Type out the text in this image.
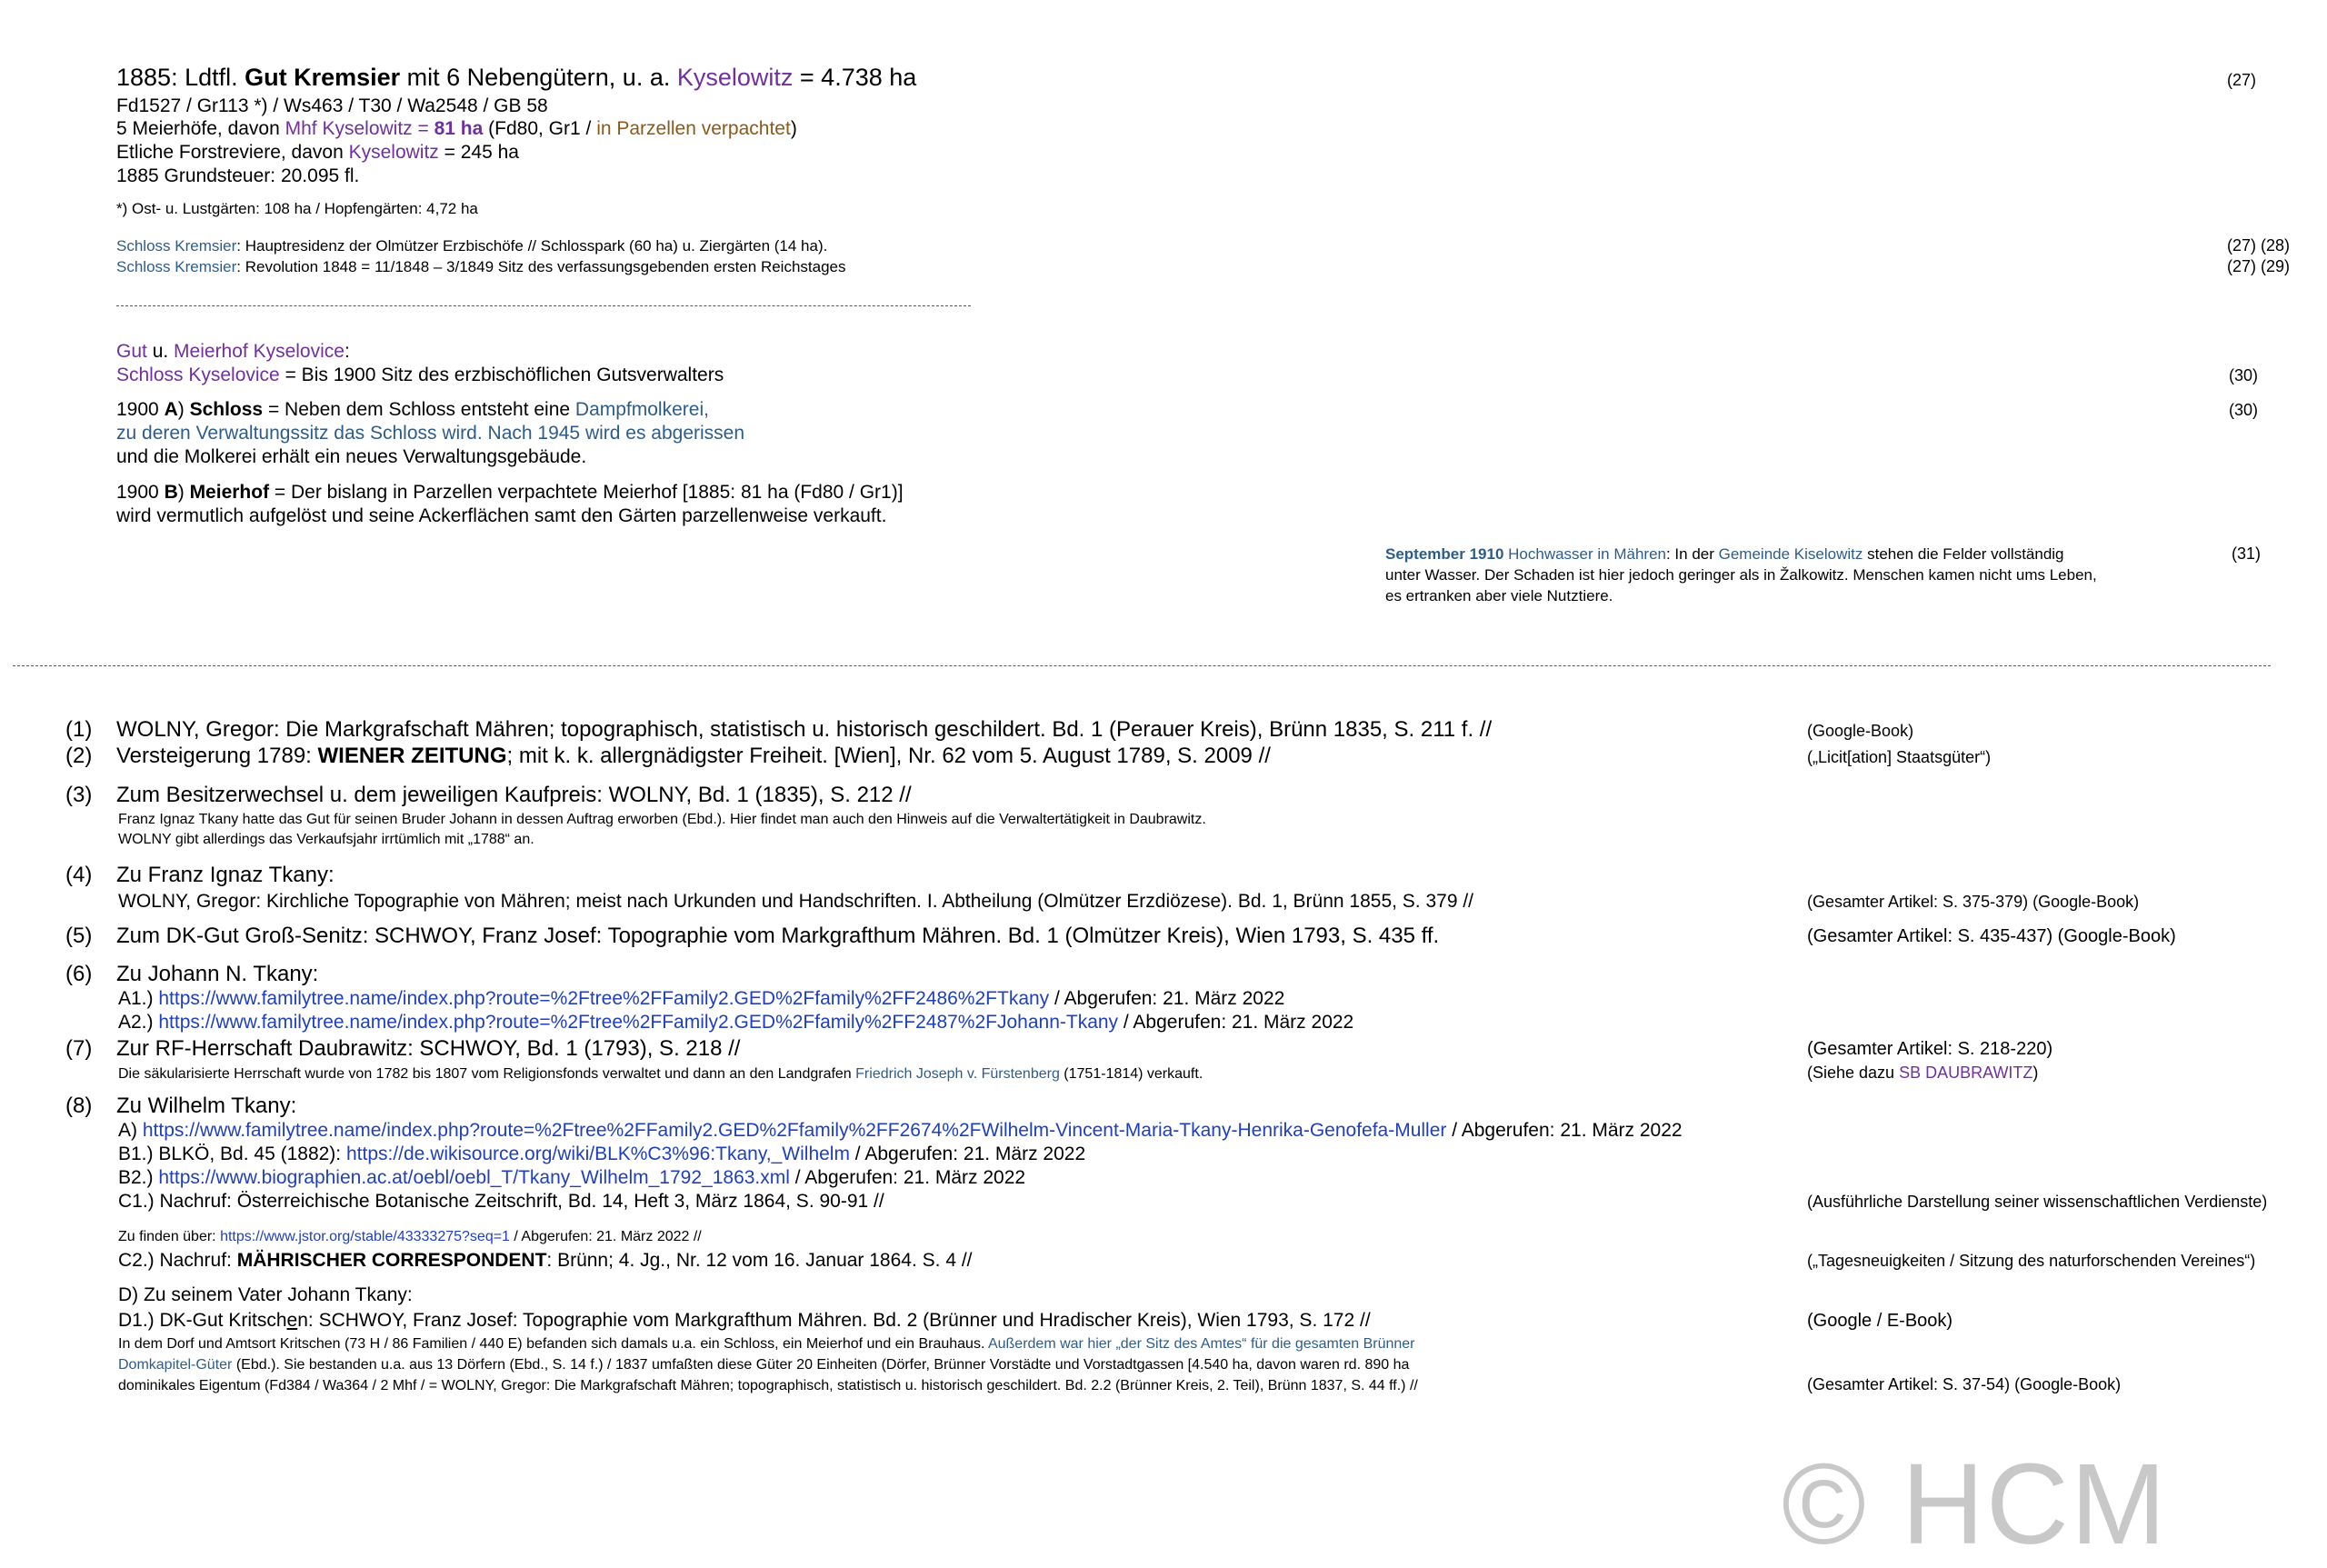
1885: Ldtfl. Gut Kremsier mit 6 Nebengütern, u. a. Kyselowitz = 4.738 ha	(27)
Fd1527 / Gr113 *) / Ws463 / T30 / Wa2548 / GB 58
5 Meierhöfe, davon Mhf Kyselowitz = 81 ha (Fd80, Gr1 / in Parzellen verpachtet)
Etliche Forstreviere, davon Kyselowitz = 245 ha
1885 Grundsteuer: 20.095 fl.
*) Ost- u. Lustgärten: 108 ha / Hopfengärten: 4,72 ha
Schloss Kremsier: Hauptresidenz der Olmützer Erzbischöfe // Schlosspark (60 ha) u. Ziergärten (14 ha).	(27) (28)
Schloss Kremsier: Revolution 1848 = 11/1848 – 3/1849 Sitz des verfassungsgebenden ersten Reichstages	(27) (29)
Gut u. Meierhof Kyselovice:
Schloss Kyselovice = Bis 1900 Sitz des erzbischöflichen Gutsverwalters	(30)
1900 A) Schloss = Neben dem Schloss entsteht eine Dampfmolkerei,	(30)
zu deren Verwaltungssitz das Schloss wird. Nach 1945 wird es abgerissen
und die Molkerei erhält ein neues Verwaltungsgebäude.
1900 B) Meierhof = Der bislang in Parzellen verpachtete Meierhof [1885: 81 ha (Fd80 / Gr1)]
wird vermutlich aufgelöst und seine Ackerflächen samt den Gärten parzellenweise verkauft.
September 1910 Hochwasser in Mähren: In der Gemeinde Kiselowitz stehen die Felder vollständig	(31)
unter Wasser. Der Schaden ist hier jedoch geringer als in Žalkowitz. Menschen kamen nicht ums Leben,
es ertranken aber viele Nutztiere.
(1) WOLNY, Gregor: Die Markgrafschaft Mähren; topographisch, statistisch u. historisch geschildert. Bd. 1 (Perauer Kreis), Brünn 1835, S. 211 f. //	(Google-Book)
(2) Versteigerung 1789: WIENER ZEITUNG; mit k. k. allergnädigster Freiheit. [Wien], Nr. 62 vom 5. August 1789, S. 2009 //	(„Licit[ation] Staatsgüter“)
(3) Zum Besitzerwechsel u. dem jeweiligen Kaufpreis: WOLNY, Bd. 1 (1835), S. 212 //
Franz Ignaz Tkany hatte das Gut für seinen Bruder Johann in dessen Auftrag erworben (Ebd.). Hier findet man auch den Hinweis auf die Verwaltertätigkeit in Daubrawitz.
WOLNY gibt allerdings das Verkaufsjahr irrtümlich mit „1788“ an.
(4) Zu Franz Ignaz Tkany:
WOLNY, Gregor: Kirchliche Topographie von Mähren; meist nach Urkunden und Handschriften. I. Abtheilung (Olmützer Erzdiözese). Bd. 1, Brünn 1855, S. 379 //	(Gesamter Artikel: S. 375-379) (Google-Book)
(5) Zum DK-Gut Groß-Senitz: SCHWOY, Franz Josef: Topographie vom Markgrafthum Mähren. Bd. 1 (Olmützer Kreis), Wien 1793, S. 435 ff.	(Gesamter Artikel: S. 435-437) (Google-Book)
(6) Zu Johann N. Tkany:
A1.) https://www.familytree.name/index.php?route=%2Ftree%2FFamily2.GED%2Ffamily%2FF2486%2FTkany / Abgerufen: 21. März 2022
A2.) https://www.familytree.name/index.php?route=%2Ftree%2FFamily2.GED%2Ffamily%2FF2487%2FJohann-Tkany / Abgerufen: 21. März 2022
(7) Zur RF-Herrschaft Daubrawitz: SCHWOY, Bd. 1 (1793), S. 218 //	(Gesamter Artikel: S. 218-220)
Die säkularisierte Herrschaft wurde von 1782 bis 1807 vom Religionsfonds verwaltet und dann an den Landgrafen Friedrich Joseph v. Fürstenberg (1751-1814) verkauft.	(Siehe dazu SB DAUBRAWITZ)
(8) Zu Wilhelm Tkany:
A) https://www.familytree.name/index.php?route=%2Ftree%2FFamily2.GED%2Ffamily%2FF2674%2FWilhelm-Vincent-Maria-Tkany-Henrika-Genofefa-Muller / Abgerufen: 21. März 2022
B1.) BLKÖ, Bd. 45 (1882): https://de.wikisource.org/wiki/BLK%C3%96:Tkany,_Wilhelm / Abgerufen: 21. März 2022
B2.) https://www.biographien.ac.at/oebl/oebl_T/Tkany_Wilhelm_1792_1863.xml / Abgerufen: 21. März 2022
C1.) Nachruf: Österreichische Botanische Zeitschrift, Bd. 14, Heft 3, März 1864, S. 90-91 //	(Ausführliche Darstellung seiner wissenschaftlichen Verdienste)
Zu finden über: https://www.jstor.org/stable/43333275?seq=1 / Abgerufen: 21. März 2022 //
C2.) Nachruf: MÄHRISCHER CORRESPONDENT: Brünn; 4. Jg., Nr. 12 vom 16. Januar 1864. S. 4 //	(„Tagesneuigkeiten / Sitzung des naturforschenden Vereines“)
D) Zu seinem Vater Johann Tkany:
D1.) DK-Gut Kritschen: SCHWOY, Franz Josef: Topographie vom Markgrafthum Mähren. Bd. 2 (Brünner und Hradischer Kreis), Wien 1793, S. 172 //	(Google / E-Book)
In dem Dorf und Amtsort Kritschen (73 H / 86 Familien / 440 E) befanden sich damals u.a. ein Schloss, ein Meierhof und ein Brauhaus. Außerdem war hier „der Sitz des Amtes“ für die gesamten Brünner
Domkapitel-Güter (Ebd.). Sie bestanden u.a. aus 13 Dörfern (Ebd., S. 14 f.) / 1837 umfaßten diese Güter 20 Einheiten (Dörfer, Brünner Vorstädte und Vorstadtgassen [4.540 ha, davon waren rd. 890 ha
dominikales Eigentum (Fd384 / Wa364 / 2 Mhf / = WOLNY, Gregor: Die Markgrafschaft Mähren; topographisch, statistisch u. historisch geschildert. Bd. 2.2 (Brünner Kreis, 2. Teil), Brünn 1837, S. 44 ff.) //	(Gesamter Artikel: S. 37-54) (Google-Book)
© HCM
